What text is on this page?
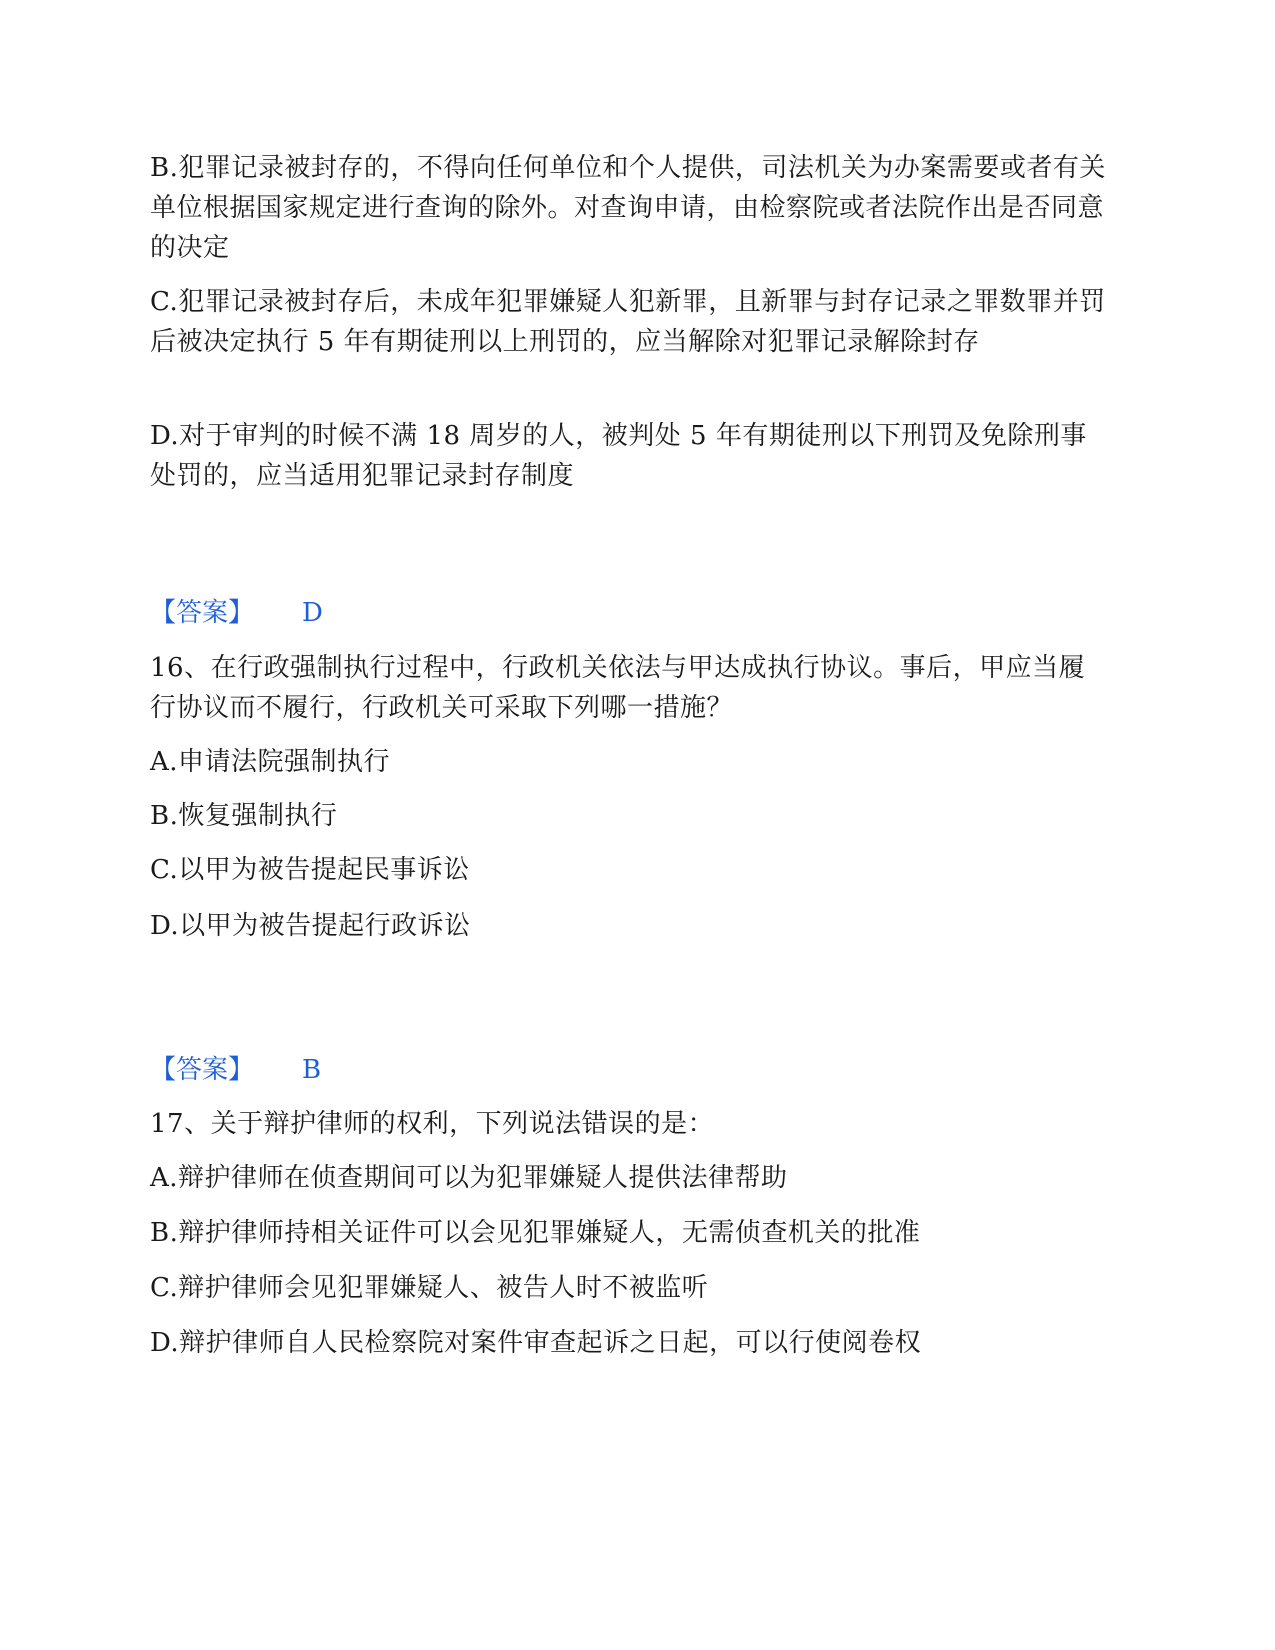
B.犯罪记录被封存的，不得向任何单位和个人提供，司法机关为办案需要或者有关单位根据国家规定进行查询的除外。对查询申请，由检察院或者法院作出是否同意的决定

C.犯罪记录被封存后，未成年犯罪嫌疑人犯新罪，且新罪与封存记录之罪数罪并罚后被决定执行 5 年有期徒刑以上刑罚的，应当解除对犯罪记录解除封存

D.对于审判的时候不满 18 周岁的人，被判处 5 年有期徒刑以下刑罚及免除刑事处罚的，应当适用犯罪记录封存制度

【答案】 D

16、在行政强制执行过程中，行政机关依法与甲达成执行协议。事后，甲应当履行协议而不履行，行政机关可采取下列哪一措施？

A.申请法院强制执行

B.恢复强制执行

C.以甲为被告提起民事诉讼

D.以甲为被告提起行政诉讼

【答案】 B

17、关于辩护律师的权利，下列说法错误的是：

A.辩护律师在侦查期间可以为犯罪嫌疑人提供法律帮助

B.辩护律师持相关证件可以会见犯罪嫌疑人，无需侦查机关的批准

C.辩护律师会见犯罪嫌疑人、被告人时不被监听

D.辩护律师自人民检察院对案件审查起诉之日起，可以行使阅卷权
